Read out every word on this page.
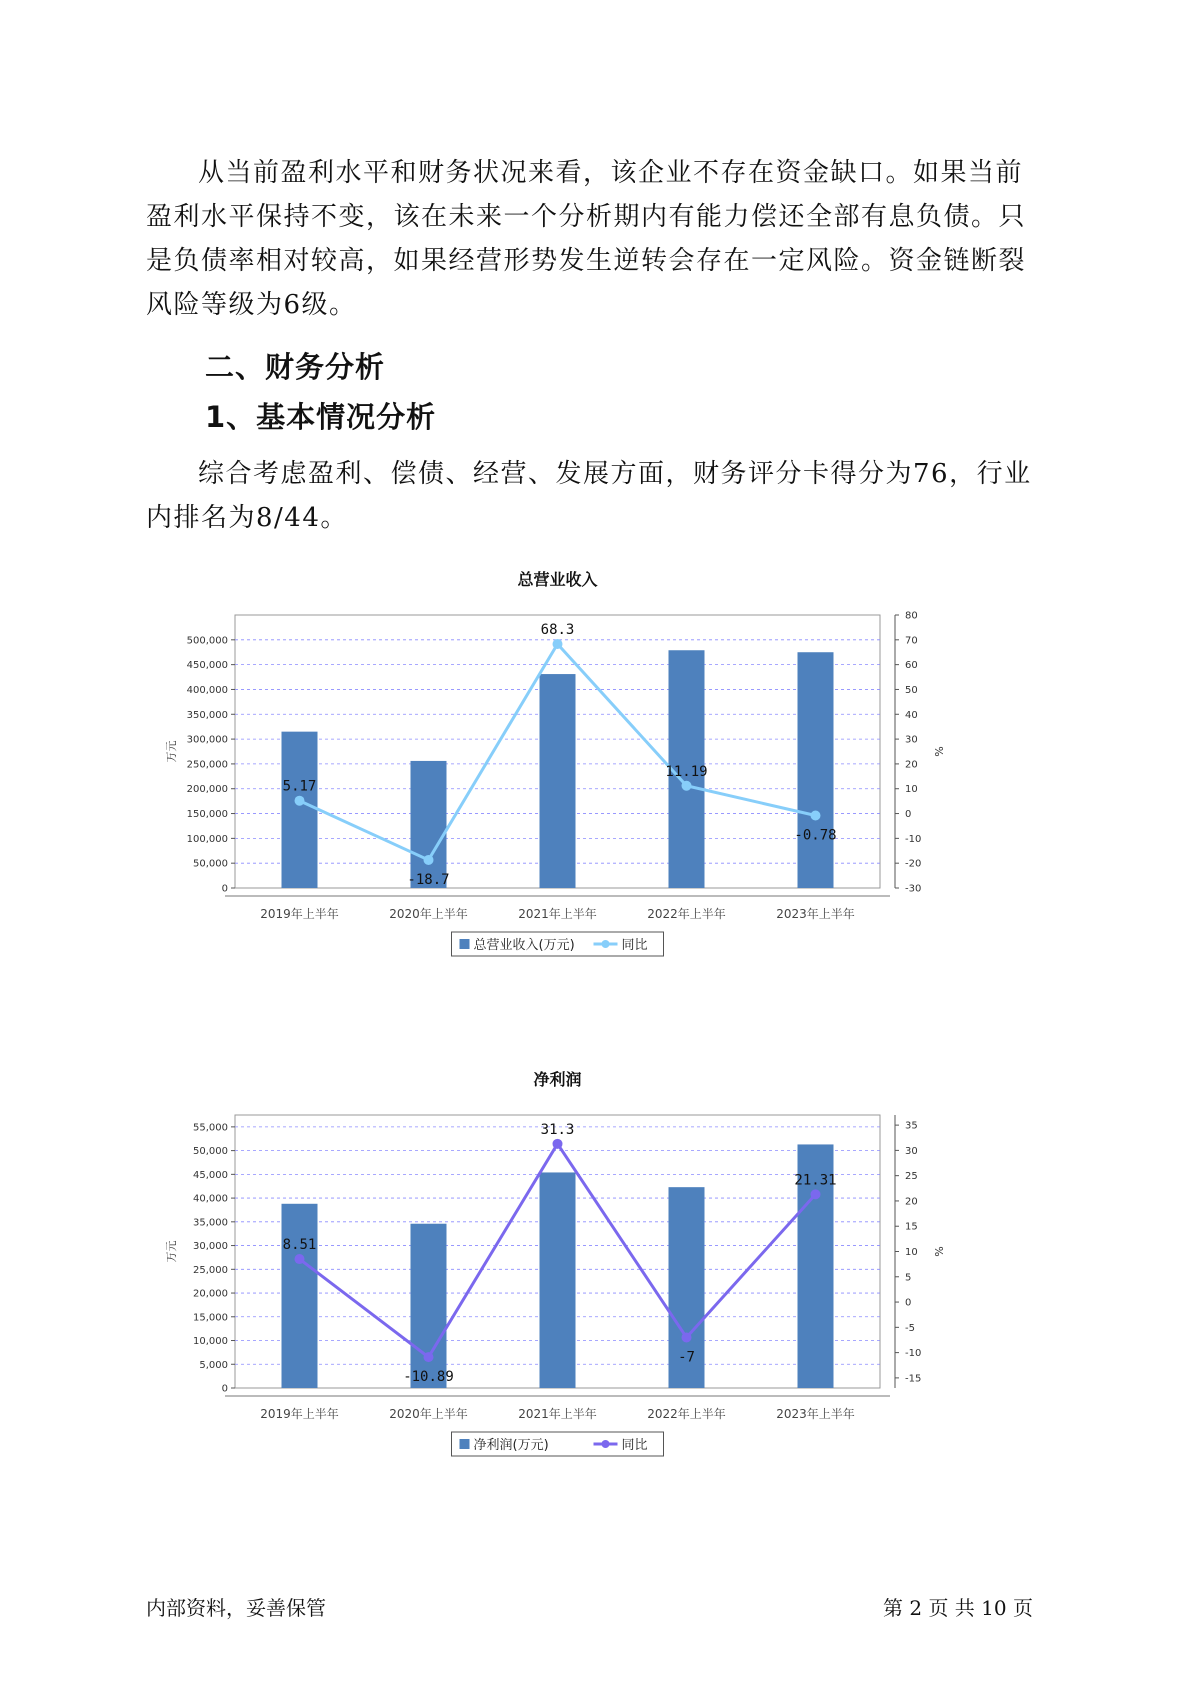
从当前盈利水平和财务状况来看，该企业不存在资金缺口。如果当前盈利水平保持不变，该在未来一个分析期内有能力偿还全部有息负债。只是负债率相对较高，如果经营形势发生逆转会存在一定风险。资金链断裂风险等级为6级。

二、财务分析
1、基本情况分析

综合考虑盈利、偿债、经营、发展方面，财务评分卡得分为76，行业内排名为8/44。

总营业收入
0
50,000
100,000
150,000
200,000
250,000
300,000
350,000
400,000
450,000
500,000
-30
-20
-10
0
10
20
30
40
50
60
70
80
万元	%
2019年上半年	2020年上半年	2021年上半年	2022年上半年	2023年上半年
5.17
-18.7
68.3
11.19
-0.78
总营业收入(万元)	同比
净利润
0
5,000
10,000
15,000
20,000
25,000
30,000
35,000
40,000
45,000
50,000
55,000
-15
-10
-5
0
5
10
15
20
25
30
35
万元	%
2019年上半年	2020年上半年	2021年上半年	2022年上半年	2023年上半年
8.51
-10.89
31.3
-7
21.31
净利润(万元)	同比
内部资料，妥善保管	第 2 页 共 10 页
